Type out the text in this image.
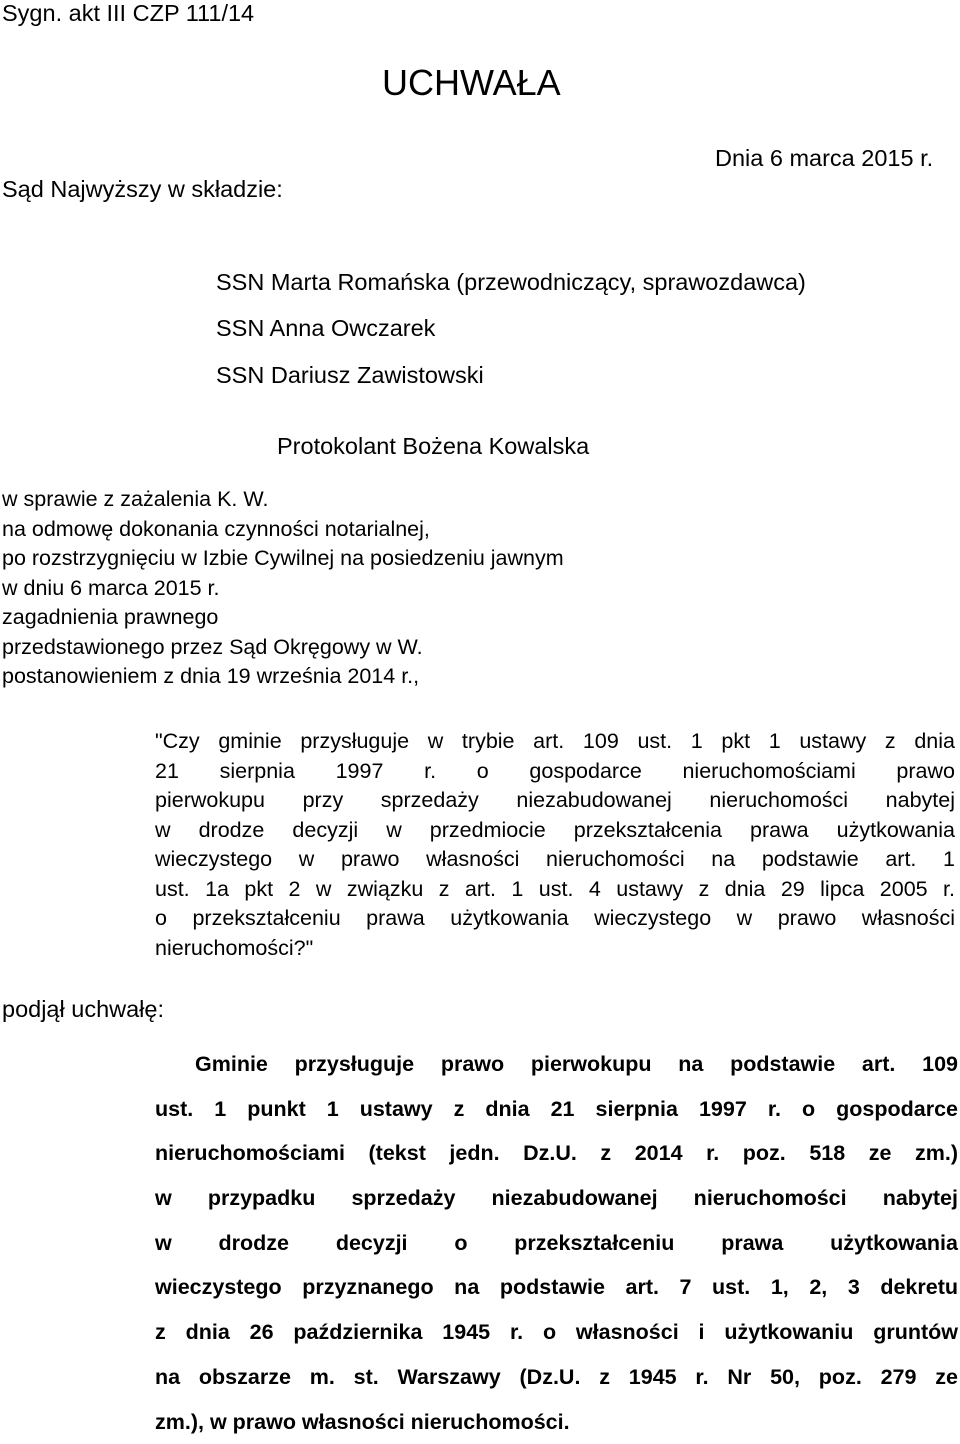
Sygn. akt III CZP 111/14
UCHWAŁA
Dnia 6 marca 2015 r.
Sąd Najwyższy w składzie:
SSN Marta Romańska (przewodniczący, sprawozdawca)
SSN Anna Owczarek
SSN Dariusz Zawistowski
Protokolant Bożena Kowalska
w sprawie z zażalenia K. W.
na odmowę dokonania czynności notarialnej,
po rozstrzygnięciu w Izbie Cywilnej na posiedzeniu jawnym
w dniu 6 marca 2015 r.
zagadnienia prawnego
przedstawionego przez Sąd Okręgowy w W.
postanowieniem z dnia 19 września 2014 r.,
"Czy gminie przysługuje w trybie art. 109 ust. 1 pkt 1 ustawy z dnia
21 sierpnia 1997 r. o gospodarce nieruchomościami prawo
pierwokupu przy sprzedaży niezabudowanej nieruchomości nabytej
w drodze decyzji w przedmiocie przekształcenia prawa użytkowania
wieczystego w prawo własności nieruchomości na podstawie art. 1
ust. 1a pkt 2 w związku z art. 1 ust. 4 ustawy z dnia 29 lipca 2005 r.
o przekształceniu prawa użytkowania wieczystego w prawo własności
nieruchomości?"
podjął uchwałę:
Gminie przysługuje prawo pierwokupu na podstawie art. 109
ust. 1 punkt 1 ustawy z dnia 21 sierpnia 1997 r. o gospodarce
nieruchomościami (tekst jedn. Dz.U. z 2014 r. poz. 518 ze zm.)
w przypadku sprzedaży niezabudowanej nieruchomości nabytej
w drodze decyzji o przekształceniu prawa użytkowania
wieczystego przyznanego na podstawie art. 7 ust. 1, 2, 3 dekretu
z dnia 26 października 1945 r. o własności i użytkowaniu gruntów
na obszarze m. st. Warszawy (Dz.U. z 1945 r. Nr 50, poz. 279 ze
zm.), w prawo własności nieruchomości.
